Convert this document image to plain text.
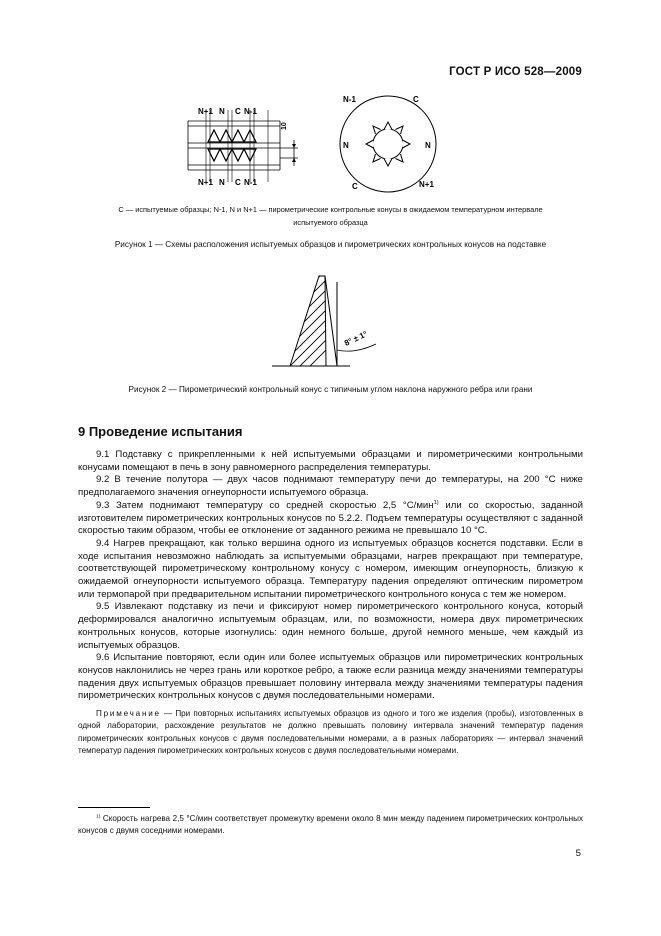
ГОСТ Р ИСО 528—2009
10
N+1 N C N-1
N+1 N C N-1
N-1	C
N	N
C	N+1
C — испытуемые образцы; N-1, N и N+1 — пирометрические контрольные конусы в ожидаемом температурном интервале
испытуемого образца
Рисунок 1 — Схемы расположения испытуемых образцов и пирометрических контрольных конусов на подставке
8° ± 1°
Рисунок 2 — Пирометрический контрольный конус с типичным углом наклона наружного ребра или грани
9 Проведение испытания

9.1 Подставку с прикрепленными к ней испытуемыми образцами и пирометрическими контрольными конусами помещают в печь в зону равномерного распределения температуры.

9.2 В течение полутора — двух часов поднимают температуру печи до температуры, на 200 °С ниже предполагаемого значения огнеупорности испытуемого образца.

9.3 Затем поднимают температуру со средней скоростью 2,5 °С/мин$^{1)}$ или со скоростью, заданной изготовителем пирометрических контрольных конусов по 5.2.2. Подъем температуры осуществляют с заданной скоростью таким образом, чтобы ее отклонение от заданного режима не превышало 10 °С.

9.4 Нагрев прекращают, как только вершина одного из испытуемых образцов коснется подставки. Если в ходе испытания невозможно наблюдать за испытуемыми образцами, нагрев прекращают при температуре, соответствующей пирометрическому контрольному конусу с номером, имеющим огнеупорность, близкую к ожидаемой огнеупорности испытуемого образца. Температуру падения определяют оптическим пирометром или термопарой при предварительном испытании пирометрического контрольного конуса с тем же номером.

9.5 Извлекают подставку из печи и фиксируют номер пирометрического контрольного конуса, который деформировался аналогично испытуемым образцам, или, по возможности, номера двух пирометрических контрольных конусов, которые изогнулись: один немного больше, другой немного меньше, чем каждый из испытуемых образцов.

9.6 Испытание повторяют, если один или более испытуемых образцов или пирометрических контрольных конусов наклонились не через грань или короткое ребро, а также если разница между значениями температуры падения двух испытуемых образцов превышает половину интервала между значениями температуры падения пирометрических контрольных конусов с двумя последовательными номерами.

Примечание — При повторных испытаниях испытуемых образцов из одного и того же изделия (пробы), изготовленных в одной лаборатории, расхождение результатов не должно превышать половину интервала значений температур падения пирометрических контрольных конусов с двумя последовательными номерами, а в разных лабораториях — интервал значений температур падения пирометрических контрольных конусов с двумя последовательными номерами.

$^{1)}$ Скорость нагрева 2,5 °С/мин соответствует промежутку времени около 8 мин между падением пирометрических контрольных конусов с двумя соседними номерами.

5
